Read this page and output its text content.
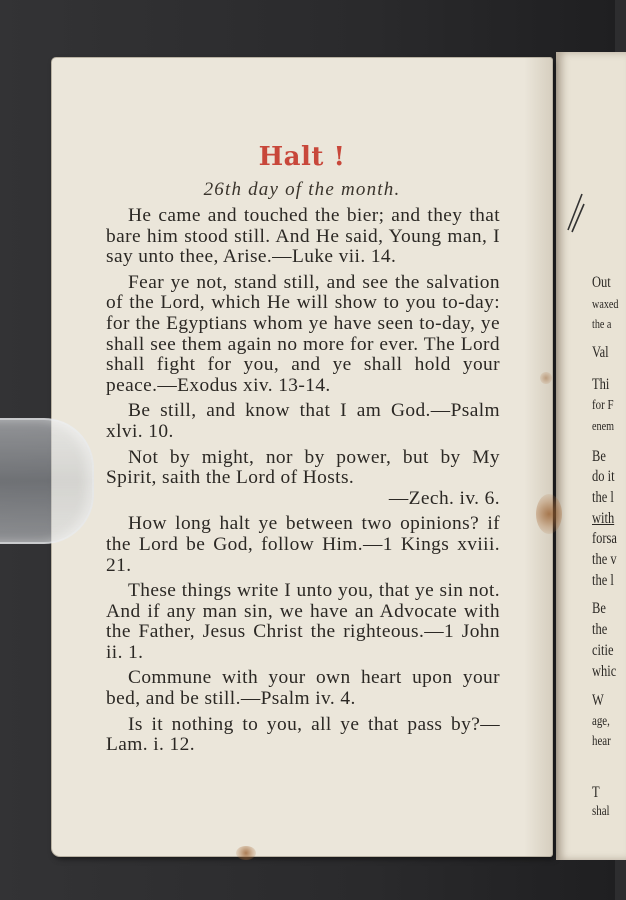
Out
waxed
the a
Val
Thi
for F
enem
Be
do it
the l
with
forsa
the v
the l
Be
the
citie
whic
W
age,
hear
T
shal
Halt !
26th day of the month.

He came and touched the bier; and they that bare him stood still. And He said, Young man, I say unto thee, Arise.—Luke vii. 14.

Fear ye not, stand still, and see the salvation of the Lord, which He will show to you to-day: for the Egyptians whom ye have seen to-day, ye shall see them again no more for ever. The Lord shall fight for you, and ye shall hold your peace.—Exodus xiv. 13-14.

Be still, and know that I am God.—Psalm xlvi. 10.

Not by might, nor by power, but by My Spirit, saith the Lord of Hosts.
—Zech. iv. 6.

How long halt ye between two opinions? if the Lord be God, follow Him.—1 Kings xviii. 21.

These things write I unto you, that ye sin not. And if any man sin, we have an Advocate with the Father, Jesus Christ the righteous.—1 John ii. 1.

Commune with your own heart upon your bed, and be still.—Psalm iv. 4.

Is it nothing to you, all ye that pass by?—Lam. i. 12.
